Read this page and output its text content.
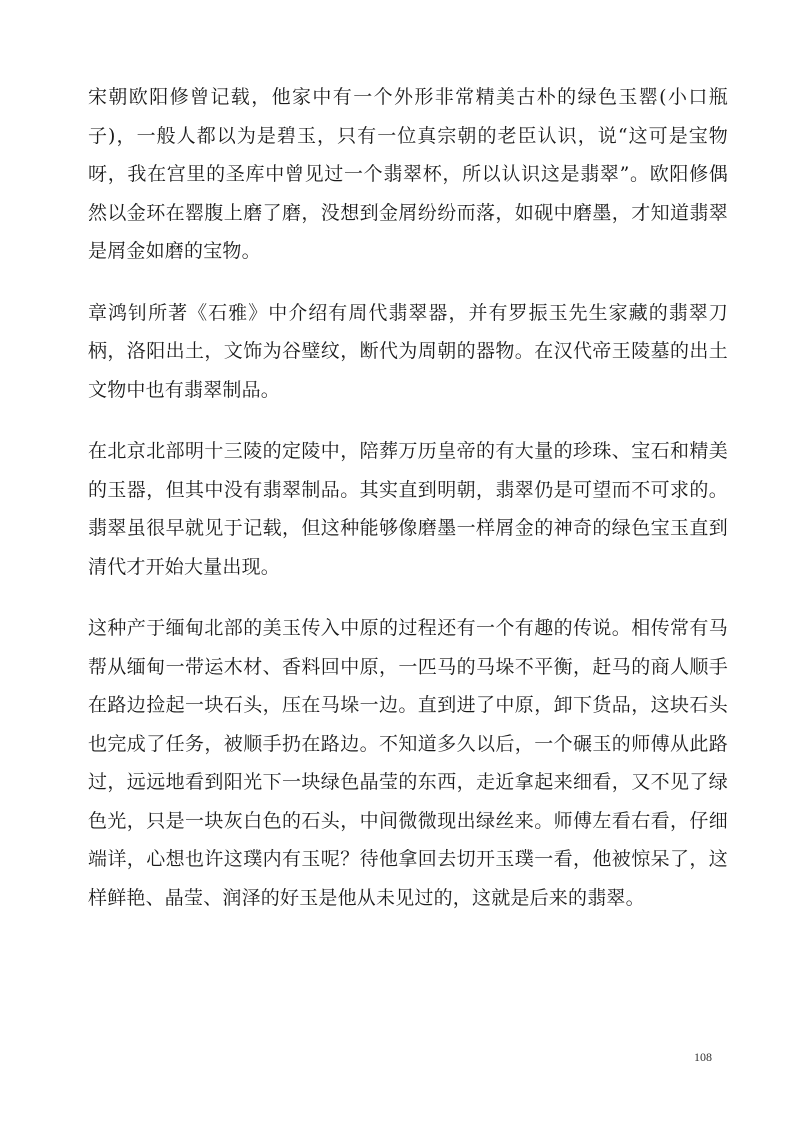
宋朝欧阳修曾记载，他家中有一个外形非常精美古朴的绿色玉罂(小口瓶子)，一般人都以为是碧玉，只有一位真宗朝的老臣认识，说“这可是宝物呀，我在宫里的圣库中曾见过一个翡翠杯，所以认识这是翡翠”。欧阳修偶然以金环在罂腹上磨了磨，没想到金屑纷纷而落，如砚中磨墨，才知道翡翠是屑金如磨的宝物。

章鸿钊所著《石雅》中介绍有周代翡翠器，并有罗振玉先生家藏的翡翠刀柄，洛阳出土，文饰为谷璧纹，断代为周朝的器物。在汉代帝王陵墓的出土文物中也有翡翠制品。

在北京北部明十三陵的定陵中，陪葬万历皇帝的有大量的珍珠、宝石和精美的玉器，但其中没有翡翠制品。其实直到明朝，翡翠仍是可望而不可求的。翡翠虽很早就见于记载，但这种能够像磨墨一样屑金的神奇的绿色宝玉直到清代才开始大量出现。

这种产于缅甸北部的美玉传入中原的过程还有一个有趣的传说。相传常有马帮从缅甸一带运木材、香料回中原，一匹马的马垛不平衡，赶马的商人顺手在路边捡起一块石头，压在马垛一边。直到进了中原，卸下货品，这块石头也完成了任务，被顺手扔在路边。不知道多久以后，一个碾玉的师傅从此路过，远远地看到阳光下一块绿色晶莹的东西，走近拿起来细看，又不见了绿色光，只是一块灰白色的石头，中间微微现出绿丝来。师傅左看右看，仔细端详，心想也许这璞内有玉呢？待他拿回去切开玉璞一看，他被惊呆了，这样鲜艳、晶莹、润泽的好玉是他从未见过的，这就是后来的翡翠。

108
